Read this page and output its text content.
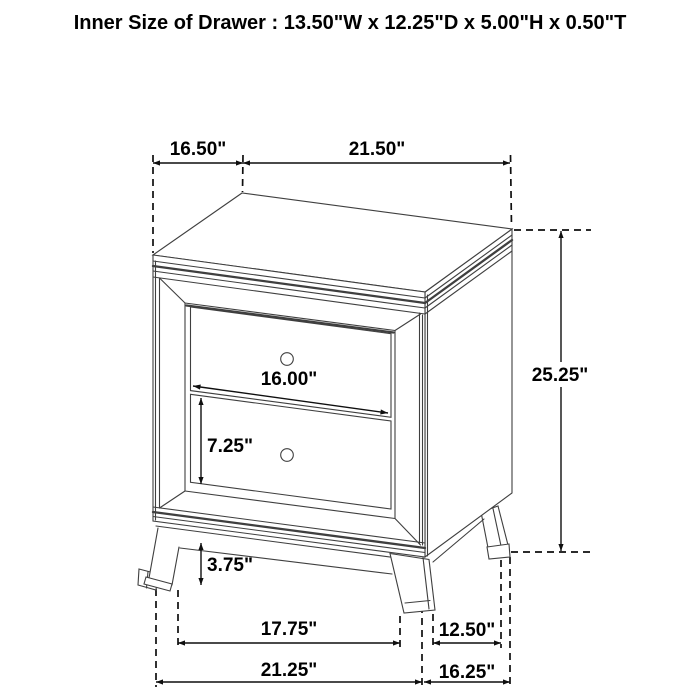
Inner Size of Drawer : 13.50"W x 12.25"D x 5.00"H x 0.50"T
16.50"	21.50"
25.25"
16.00"
7.25"
3.75"
17.75"	12.50"
21.25"	16.25"
